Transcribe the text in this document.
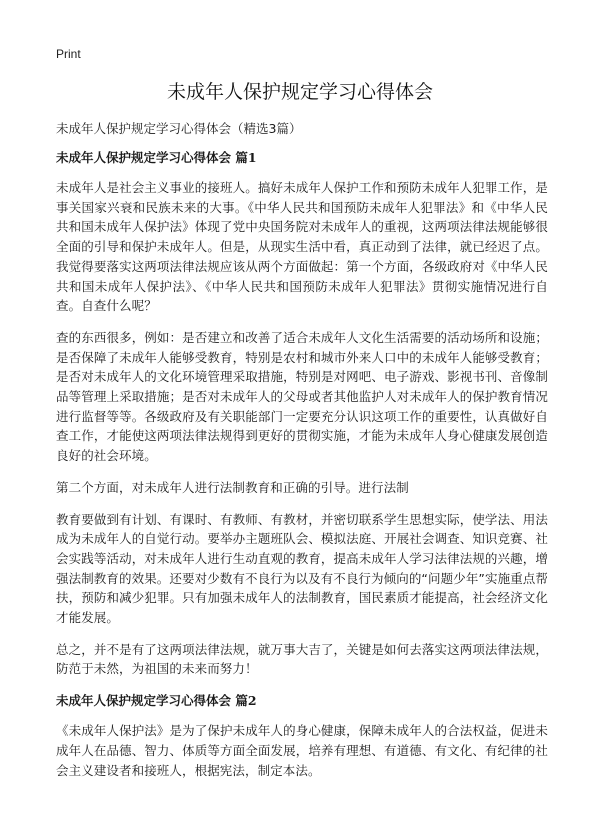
Print
未成年人保护规定学习心得体会

未成年人保护规定学习心得体会（精选3篇）

未成年人保护规定学习心得体会 篇1

未成年人是社会主义事业的接班人。搞好未成年人保护工作和预防未成年人犯罪工作，是事关国家兴衰和民族未来的大事。《中华人民共和国预防未成年人犯罪法》和《中华人民共和国未成年人保护法》体现了党中央国务院对未成年人的重视，这两项法律法规能够很全面的引导和保护未成年人。但是，从现实生活中看，真正动到了法律，就已经迟了点。我觉得要落实这两项法律法规应该从两个方面做起：第一个方面，各级政府对《中华人民共和国未成年人保护法》、《中华人民共和国预防未成年人犯罪法》贯彻实施情况进行自查。自查什么呢？

查的东西很多，例如：是否建立和改善了适合未成年人文化生活需要的活动场所和设施；是否保障了未成年人能够受教育，特别是农村和城市外来人口中的未成年人能够受教育；是否对未成年人的文化环境管理采取措施，特别是对网吧、电子游戏、影视书刊、音像制品等管理上采取措施；是否对未成年人的父母或者其他监护人对未成年人的保护教育情况进行监督等等。各级政府及有关职能部门一定要充分认识这项工作的重要性，认真做好自查工作，才能使这两项法律法规得到更好的贯彻实施，才能为未成年人身心健康发展创造良好的社会环境。

第二个方面，对未成年人进行法制教育和正确的引导。进行法制

教育要做到有计划、有课时、有教师、有教材，并密切联系学生思想实际，使学法、用法成为未成年人的自觉行动。要举办主题班队会、模拟法庭、开展社会调查、知识竞赛、社会实践等活动，对未成年人进行生动直观的教育，提高未成年人学习法律法规的兴趣，增强法制教育的效果。还要对少数有不良行为以及有不良行为倾向的“问题少年”实施重点帮扶，预防和减少犯罪。只有加强未成年人的法制教育，国民素质才能提高，社会经济文化才能发展。

总之，并不是有了这两项法律法规，就万事大吉了，关键是如何去落实这两项法律法规，防范于未然，为祖国的未来而努力！

未成年人保护规定学习心得体会 篇2

《未成年人保护法》是为了保护未成年人的身心健康，保障未成年人的合法权益，促进未成年人在品德、智力、体质等方面全面发展，培养有理想、有道德、有文化、有纪律的社会主义建设者和接班人，根据宪法，制定本法。
